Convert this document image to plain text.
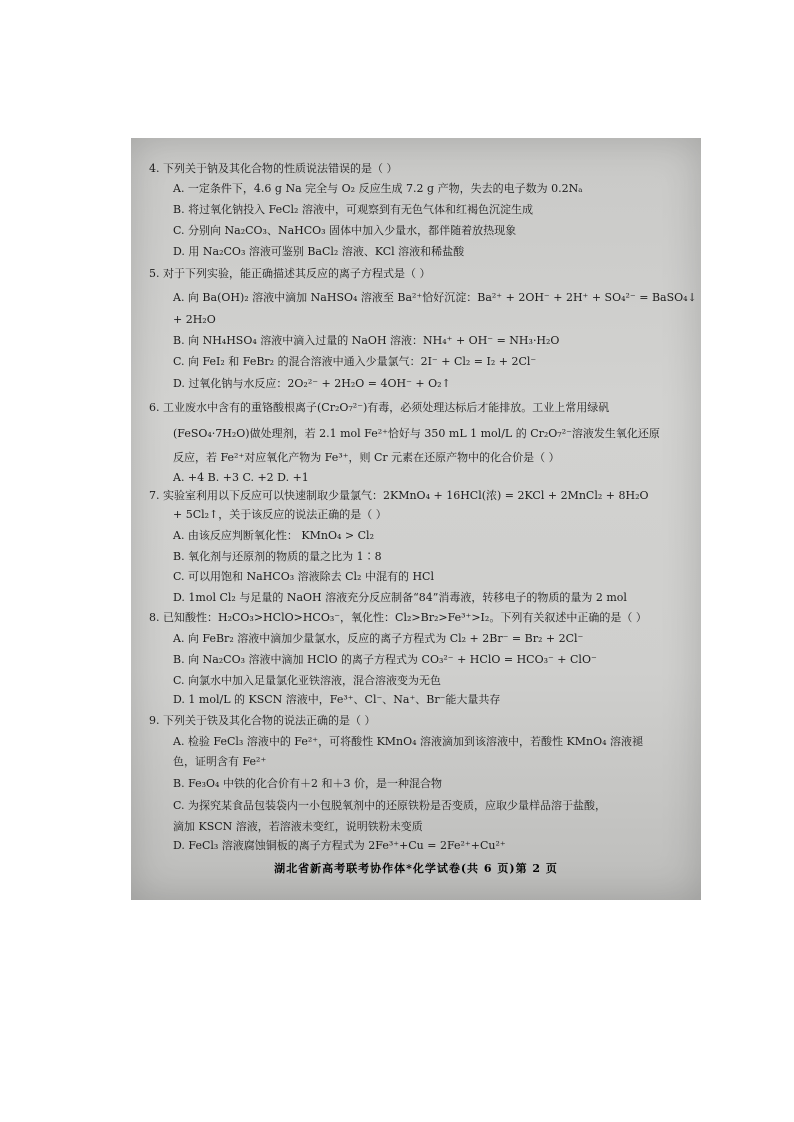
4. 下列关于钠及其化合物的性质说法错误的是（ ）
A. 一定条件下，4.6 g Na 完全与 O₂ 反应生成 7.2 g 产物，失去的电子数为 0.2Nₐ
B. 将过氧化钠投入 FeCl₂ 溶液中，可观察到有无色气体和红褐色沉淀生成
C. 分别向 Na₂CO₃、NaHCO₃ 固体中加入少量水，都伴随着放热现象
D. 用 Na₂CO₃ 溶液可鉴别 BaCl₂ 溶液、KCl 溶液和稀盐酸
5. 对于下列实验，能正确描述其反应的离子方程式是（ ）
A. 向 Ba(OH)₂ 溶液中滴加 NaHSO₄ 溶液至 Ba²⁺恰好沉淀：Ba²⁺ + 2OH⁻ + 2H⁺ + SO₄²⁻ = BaSO₄↓
+ 2H₂O
B. 向 NH₄HSO₄ 溶液中滴入过量的 NaOH 溶液：NH₄⁺ + OH⁻ = NH₃·H₂O
C. 向 FeI₂ 和 FeBr₂ 的混合溶液中通入少量氯气：2I⁻ + Cl₂ = I₂ + 2Cl⁻
D. 过氧化钠与水反应：2O₂²⁻ + 2H₂O = 4OH⁻ + O₂↑
6. 工业废水中含有的重铬酸根离子(Cr₂O₇²⁻)有毒，必须处理达标后才能排放。工业上常用绿矾
(FeSO₄·7H₂O)做处理剂，若 2.1 mol Fe²⁺恰好与 350 mL 1 mol/L 的 Cr₂O₇²⁻溶液发生氧化还原
反应，若 Fe²⁺对应氧化产物为 Fe³⁺，则 Cr 元素在还原产物中的化合价是（ ）
A. +4 B. +3 C. +2 D. +1
7. 实验室利用以下反应可以快速制取少量氯气：2KMnO₄ + 16HCl(浓) = 2KCl + 2MnCl₂ + 8H₂O
+ 5Cl₂↑，关于该反应的说法正确的是（ ）
A. 由该反应判断氧化性： KMnO₄ > Cl₂
B. 氧化剂与还原剂的物质的量之比为 1∶8
C. 可以用饱和 NaHCO₃ 溶液除去 Cl₂ 中混有的 HCl
D. 1mol Cl₂ 与足量的 NaOH 溶液充分反应制备“84”消毒液，转移电子的物质的量为 2 mol
8. 已知酸性：H₂CO₃>HClO>HCO₃⁻，氧化性：Cl₂>Br₂>Fe³⁺>I₂。下列有关叙述中正确的是（ ）
A. 向 FeBr₂ 溶液中滴加少量氯水，反应的离子方程式为 Cl₂ + 2Br⁻ = Br₂ + 2Cl⁻
B. 向 Na₂CO₃ 溶液中滴加 HClO 的离子方程式为 CO₃²⁻ + HClO = HCO₃⁻ + ClO⁻
C. 向氯水中加入足量氯化亚铁溶液，混合溶液变为无色
D. 1 mol/L 的 KSCN 溶液中，Fe³⁺、Cl⁻、Na⁺、Br⁻能大量共存
9. 下列关于铁及其化合物的说法正确的是（ ）
A. 检验 FeCl₃ 溶液中的 Fe²⁺，可将酸性 KMnO₄ 溶液滴加到该溶液中，若酸性 KMnO₄ 溶液褪
色，证明含有 Fe²⁺
B. Fe₃O₄ 中铁的化合价有＋2 和＋3 价，是一种混合物
C. 为探究某食品包装袋内一小包脱氧剂中的还原铁粉是否变质，应取少量样品溶于盐酸，
滴加 KSCN 溶液，若溶液未变红，说明铁粉未变质
D. FeCl₃ 溶液腐蚀铜板的离子方程式为 2Fe³⁺+Cu = 2Fe²⁺+Cu²⁺
湖北省新高考联考协作体*化学试卷(共 6 页)第 2 页
